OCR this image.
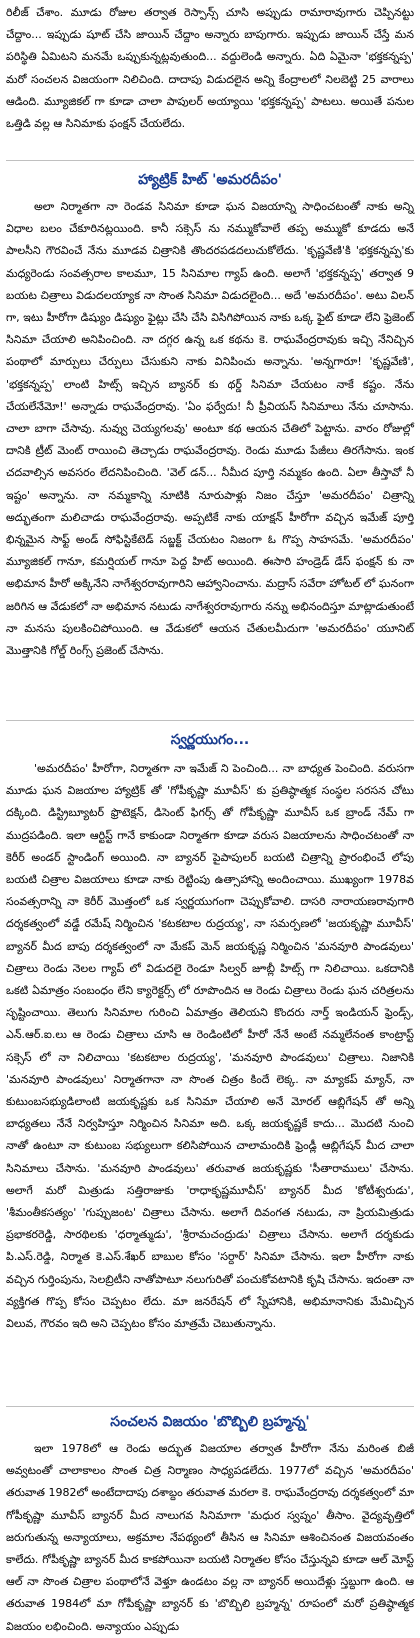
రిలీజ్ చేశాం. మూడు రోజుల తర్వాత రెస్పాన్స్ చూసి అప్పుడు రామారావుగారు చెప్పినట్టు చేద్దాం... ఇప్పుడు షూట్ చేసి జాయిన్ చేద్దాం అన్నారు బాపుగారు. ఇప్పుడు జాయిన్ చేస్తే మన పరిస్థితి ఏమిటని మనమే ఒప్పుకున్నట్లవుతుంది... వద్దులెండి అన్నారు. ఏది ఏమైనా 'భక్తకన్నప్ప' మరో సంచలన విజయంగా నిలిచింది. దాదాపు విడుదలైన అన్ని కేంద్రాలలో నిలబెట్టి 25 వారాలు ఆడింది. మ్యూజికల్ గా కూడా చాలా పాపులర్ అయ్యాయి 'భక్తకన్నప్ప' పాటలు. అయితే పనుల ఒత్తిడి వల్ల ఆ సినిమాకు ఫంక్షన్ చేయలేదు.

హ్యాట్రిక్ హిట్ 'అమరదీపం'

అలా నిర్మాతగా నా రెండవ సినిమా కూడా ఘన విజయాన్ని సాధించటంతో నాకు అన్ని విధాల బలం చేకూరినట్లయింది. కానీ సక్సెస్ ను నమ్ముకోవాలే తప్ప అమ్ముకో కూడదు అనే పాలసీని గౌరవించే నేను మూడవ చిత్రానికి తొందరపడదలుచుకోలేదు. 'కృష్ణవేణి'కి 'భక్తకన్నప్ప'కు మధ్యరెండు సంవత్సరాల కాలమూ, 15 సినిమాల గ్యాప్ ఉంది. అలాగే 'భక్తకన్నప్ప' తర్వాత 9 బయట చిత్రాలు విడుదలయ్యాక నా సొంత సినిమా విడుదలైంది... అదే 'అమరదీపం'. అటు విలన్ గా, ఇటు హీరోగా డిష్యుం డిష్యుం ఫైట్లు చేసి చేసి విసిగిపోయిన నాకు ఒక్క ఫైట్ కూడా లేని ఫ్రెజెంట్ సినిమా చేయాలి అనిపించింది. నా దగ్గర ఉన్న ఒక కథను కె. రాఘవేంద్రరావుకు ఇచ్చి నేనిచ్చిన పంథాలో మార్పులు చేర్పులు చేసుకుని నాకు వినిపించు అన్నాను. 'అన్నగారూ! 'కృష్ణవేణి', 'భక్తకన్నప్ప' లాంటి హిట్స్ ఇచ్చిన బ్యానర్ కు థర్డ్ సినిమా చేయటం నాకే కష్టం. నేను చేయలేనేమో!' అన్నాడు రాఘవేంద్రరావు. 'ఏం ఫర్వేదు! నీ ప్రీవియస్ సినిమాలు నేను చూసాను. చాలా బాగా చేసావు. నువ్వు చెయ్యగలవు' అంటూ కథ ఆయన చేతిలో పెట్టాను. వారం రోజుల్లో దానికి ట్రీట్ మెంట్ రాయించి తెచ్చాడు రాఘవేంద్రరావు. రెండు మూడు పేజీలు తిరగేసాను. ఇంక చదవాల్సిన అవసరం లేదనిపించింది. 'వెల్ డన్... నీమీద పూర్తి నమ్మకం ఉంది. ఏలా తీస్తావో నీ ఇష్టం' అన్నాను. నా నమ్మకాన్ని నూటికి నూరుపాళ్లు నిజం చేస్తూ 'అమరదీపం' చిత్రాన్ని అద్భుతంగా మలిచాడు రాఘవేంద్రరావు. అప్పటికే నాకు యాక్షన్ హీరోగా వచ్చిన ఇమేజ్ పూర్తి భిన్నమైన సాఫ్ట్ అండ్ సోఫిస్టికేటెడ్ సబ్జక్ట్ చేయటం నిజంగా ఓ గొప్ప సాహసమే. 'అమరదీపం' మ్యూజికల్ గానూ, కమర్షియల్ గానూ పెద్ద హిట్ అయింది. ఈసారి హండ్రెడ్ డేస్ ఫంక్షన్ కు నా అభిమాన హీరో అక్కినేని నాగేశ్వరరావుగారిని ఆహ్వానించాను. మద్రాస్ సవేరా హోటల్ లో ఘనంగా జరిగిన ఆ వేడుకలో నా అభిమాన నటుడు నాగేశ్వరరావుగారు నన్ను అభినందిస్తూ మాట్లాడుతుంటే నా మనసు పులకించిపోయింది. ఆ వేడుకలో ఆయన చేతులమీదుగా 'అమరదీపం' యూనిట్ మొత్తానికి గోల్డ్ రింగ్స్ ప్రజెంట్ చేసాను.

స్వర్ణయుగం...

'అమరదీపం' హీరోగా, నిర్మాతగా నా ఇమేజ్ ని పెంచింది... నా బాధ్యత పెంచింది. వరుసగా మూడు ఘన విజయాల హ్యాట్రిక్ తో 'గోపీకృష్ణా మూవీస్' కు ప్రతిష్ఠాత్మక సంస్థల సరసన చోటు దక్కింది. డిస్ట్రిబ్యూటర్ ఫ్రొటెక్షన్, డిసెంట్ ఫిగర్స్ తో గోపీకృష్ణా మూవీస్ ఒక బ్రాండ్ నేమ్ గా ముద్రపడింది. ఇలా ఆర్టిస్ట్ గానే కాకుండా నిర్మాతగా కూడా వరుస విజయాలను సాధించటంతో నా కెరీర్ అండర్ స్టాండింగ్ అయింది. నా బ్యానర్ పైపాపులర్ బయటి చిత్రాన్ని ప్రారంభించే లోపు బయటి చిత్రాల విజయాలు కూడా నాకు రెట్టింపు ఉత్సాహాన్ని అందించాయి. ముఖ్యంగా 1978వ సంవత్సరాన్ని నా కెరీర్ మొత్తంలో ఒక స్వర్ణయుగంగా చెప్పుకోవాలి. దాసరి నారాయణరావుగారి దర్శకత్వంలో వడ్డే రమేష్ నిర్మించిన 'కటకటాల రుద్రయ్య', నా సమర్పణలో 'జయకృష్ణా మూవీస్' బ్యానర్ మీద బాపు దర్శకత్వంలో నా మేకప్ మెన్ జయకృష్ణ నిర్మించిన 'మనవూరి పాండవులు' చిత్రాలు రెండు నెలల గ్యాప్ లో విడుదలై రెండూ సిల్వర్ జూబ్లీ హిట్స్ గా నిలిచాయి. ఒకదానికి ఒకటి ఏమాత్రం సంబంధం లేని క్యారెక్టర్స్ లో రూపొందిన ఆ రెండు చిత్రాలు రెండు ఘన చరిత్రలను సృష్టించాయి. తెలుగు సినిమాల గురించి ఏమాత్రం తెలియని కొందరు నార్త్ ఇండియన్ ఫ్రెండ్స్, ఎన్.ఆర్.ఐ.లు ఆ రెండు చిత్రాలు చూసి ఆ రెండింటిలో హీరో నేనే అంటే నమ్మలేనంత కాంట్రాస్ట్ సక్సెస్ లో నా నిలిచాయి 'కటకటాల రుద్రయ్య', 'మనవూరి పాండవులు' చిత్రాలు. నిజానికి 'మనవూరి పాండవులు' నిర్మాతగానా నా సొంత చిత్రం కిందే లెక్క. నా మ్యాకప్ మ్యాన్, నా కుటుంబసభ్యుడిలాంటి జయకృష్ణకు ఒక సినిమా చేయాలి అనే మోరల్ ఆబ్లిగేషన్ తో అన్ని బాధ్యతలు నేనే నిర్వహిస్తూ నిర్మించిన సినిమా అది. ఒక్క జయకృష్ణకే కాదు... మొదటి నుంచి నాతో ఉంటూ నా కుటుంబ సభ్యులుగా కలిసిపోయిన చాలామందికి ఫ్రెండ్లీ ఆబ్లిగేషన్ మీద చాలా సినిమాలు చేసాను. 'మనవూరి పాండవులు' తరువాత జయకృష్ణకు 'సీతారాములు' చేసాను. అలాగే మరో మిత్రుడు సత్తిరాజుకు 'రాధాకృష్ణమూవీస్' బ్యానర్ మీద 'కోటీశ్వరుడు', 'శీమంతీకసత్యం' 'గుప్పుజంట' చిత్రాలు చేసాను. అలాగే దివంగత నటుడు, నా ప్రియమిత్రుడు ప్రభాకరరెడ్డి, సారథిలకు 'ధర్మాత్ముడు', 'శ్రీరామచంద్రుడు' చిత్రాలు చేసాను. అలాగే దర్శకుడు పి.ఎస్.రెడ్డి, నిర్మాత కె.ఎస్.శేఖర్ బాబుల కోసం 'సర్దార్' సినిమా చేసాను. ఇలా హీరోగా నాకు వచ్చిన గుర్తింపును, సెలబ్రిటీని నాతోపాటూ నలుగురితో పంచుకోవటానికి కృషి చేసాను. ఇదంతా నా వ్యక్తిగత గొప్ప కోసం చెప్పటం లేదు. మా జనరేషన్ లో స్నేహానికి, అభిమానానికు మేమిచ్చిన విలువ, గౌరవం ఇది అని చెప్పటం కోసం మాత్రమే చెబుతున్నాను.

సంచలన విజయం 'బొబ్బిలి బ్రహ్మన్న'

ఇలా 1978లో ఆ రెండు అద్భుత విజయాల తర్వాత హీరోగా నేను మరింత బిజీ అవ్వటంతో చాలాకాలం సొంత చిత్ర నిర్మాణం సాధ్యపడలేదు. 1977లో వచ్చిన 'అమరదీపం' తరువాత 1982లో అంటేదాదాపు దశాబ్దం తరువాత మరలా కె. రాఘవేంద్రరావు దర్శకత్వంలో మా గోపీకృష్ణా మూవీస్ బ్యానర్ మీద నాలుగవ సినిమాగా 'మధుర స్వప్నం' తీసాం. వైద్యవృత్తిలో జరుగుతున్న అన్యాయాలు, అక్రమాల నేపథ్యంలో తీసిన ఆ సినిమా ఆశించినంత విజయవంతం కాలేదు. గోపీకృష్ణా బ్యానర్ మీద కాకపోయినా బయటి నిర్మాతల కోసం చేస్తున్నవి కూడా ఆల్ మోస్ట్ ఆల్ నా సొంత చిత్రాల పంథాలోనే వెళ్తూ ఉండటం వల్ల నా బ్యానర్ అయిదేళ్లు స్తబ్దుగా ఉంది. ఆ తరువాత 1984లో మా గోపీకృష్ణా బ్యానర్ కు 'బొబ్బిలి బ్రహ్మన్న' రూపంలో మరో ప్రతిష్ఠాత్మక విజయం లభించింది. అన్యాయం ఎప్పుడు
